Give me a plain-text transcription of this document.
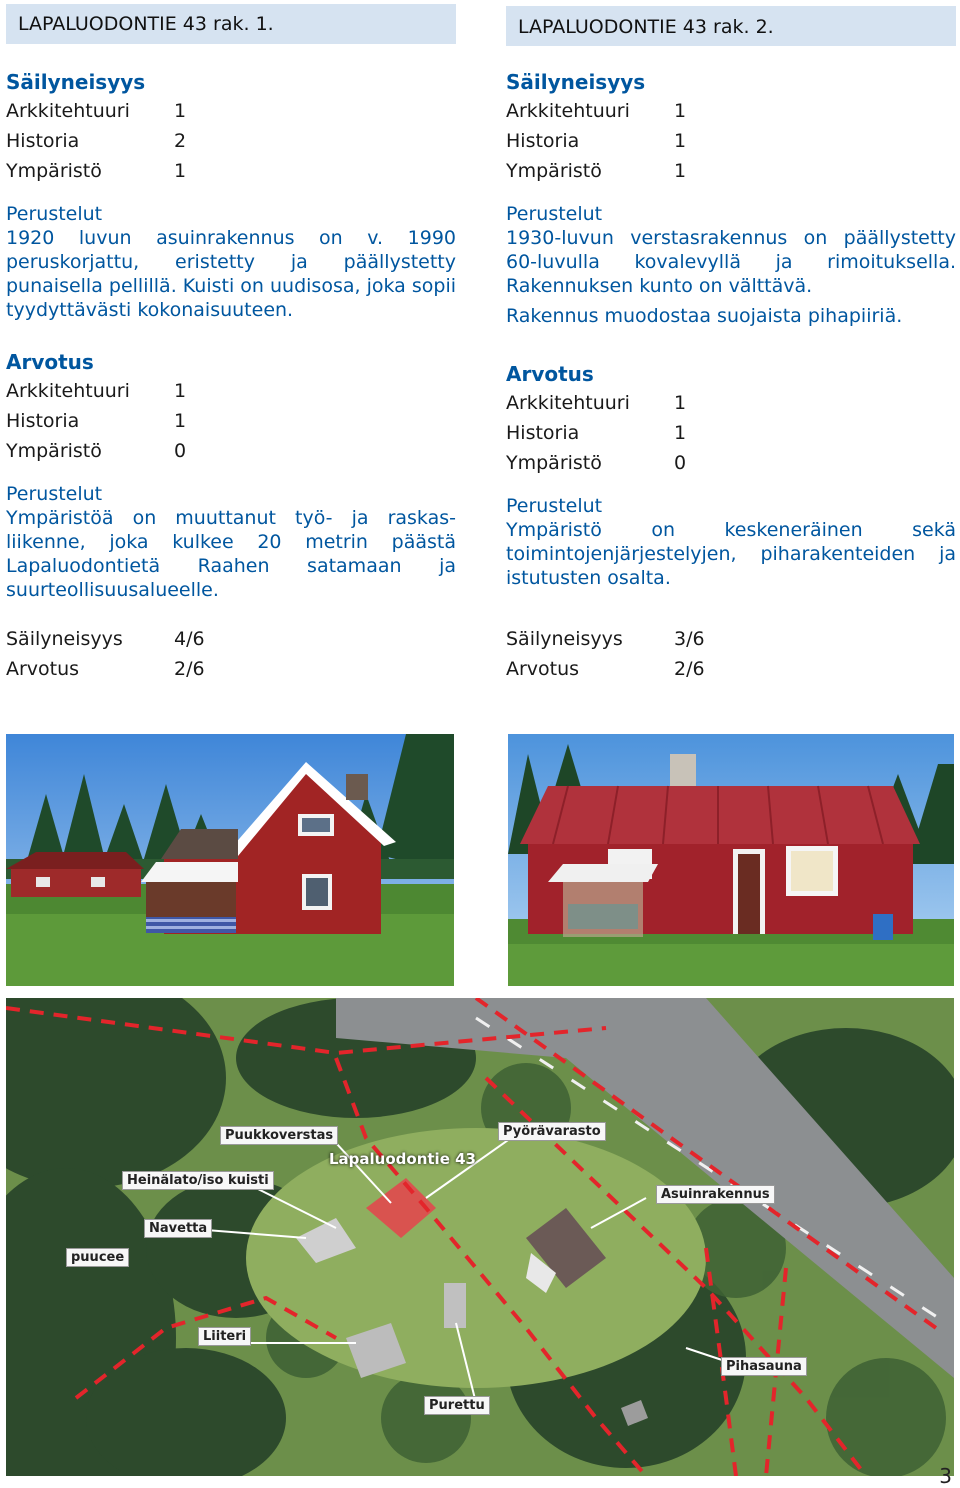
LAPALUODONTIE 43 rak. 1.
Säilyneisyys
Arkkitehtuuri	1
Historia	2
Ympäristö	1
Perustelut
1920 luvun asuinrakennus on v. 1990 peruskorjattu, eristetty ja päällystetty punaisella pellillä. Kuisti on uudisosa, joka sopii tyydyttävästi kokonaisuuteen.
Arvotus
Arkkitehtuuri	1
Historia	1
Ympäristö	0
Perustelut
Ympäristöä on muuttanut työ- ja raskas-liikenne, joka kulkee 20 metrin päästä Lapaluodontietä Raahen satamaan ja suurteollisuusalueelle.
Säilyneisyys	4/6
Arvotus	2/6
LAPALUODONTIE 43 rak. 2.
Säilyneisyys
Arkkitehtuuri	1
Historia	1
Ympäristö	1
Perustelut
1930-luvun verstasrakennus on päällystetty 60-luvulla kovalevyllä ja rimoituksella. Rakennuksen kunto on välttävä.
Rakennus muodostaa suojaista pihapiiriä.
Arvotus
Arkkitehtuuri	1
Historia	1
Ympäristö	0
Perustelut
Ympäristö on keskeneräinen sekä toimintojenjärjestelyjen, piharakenteiden ja istutusten osalta.
Säilyneisyys	3/6
Arvotus	2/6
Lapaluodontie 43
Puukkoverstas	Pyörävarasto
Heinälato/iso kuisti
Asuinrakennus
Navetta
puucee
Liiteri
Pihasauna
Purettu
3
